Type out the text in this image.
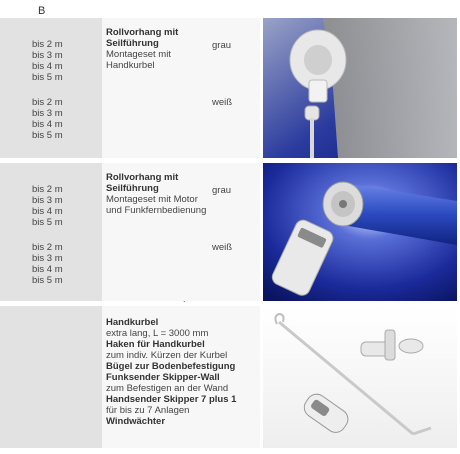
B
bis 2 m
bis 3 m
bis 4 m
bis 5 m
bis 2 m
bis 3 m
bis 4 m
bis 5 m
Rollvorhang mit
Seilführung
Montageset mit
Handkurbel
grau
weiß
bis 2 m
bis 3 m
bis 4 m
bis 5 m
bis 2 m
bis 3 m
bis 4 m
bis 5 m
Rollvorhang mit
Seilführung
Montageset mit Motor
und Funkfernbedienung
grau
weiß
Handkurbel
extra lang, L = 3000 mm
Haken für Handkurbel
zum indiv. Kürzen der Kurbel
Bügel zur Bodenbefestigung
Funksender Skipper-Wall
zum Befestigen an der Wand
Handsender Skipper 7 plus 1
für bis zu 7 Anlagen
Windwächter
.
